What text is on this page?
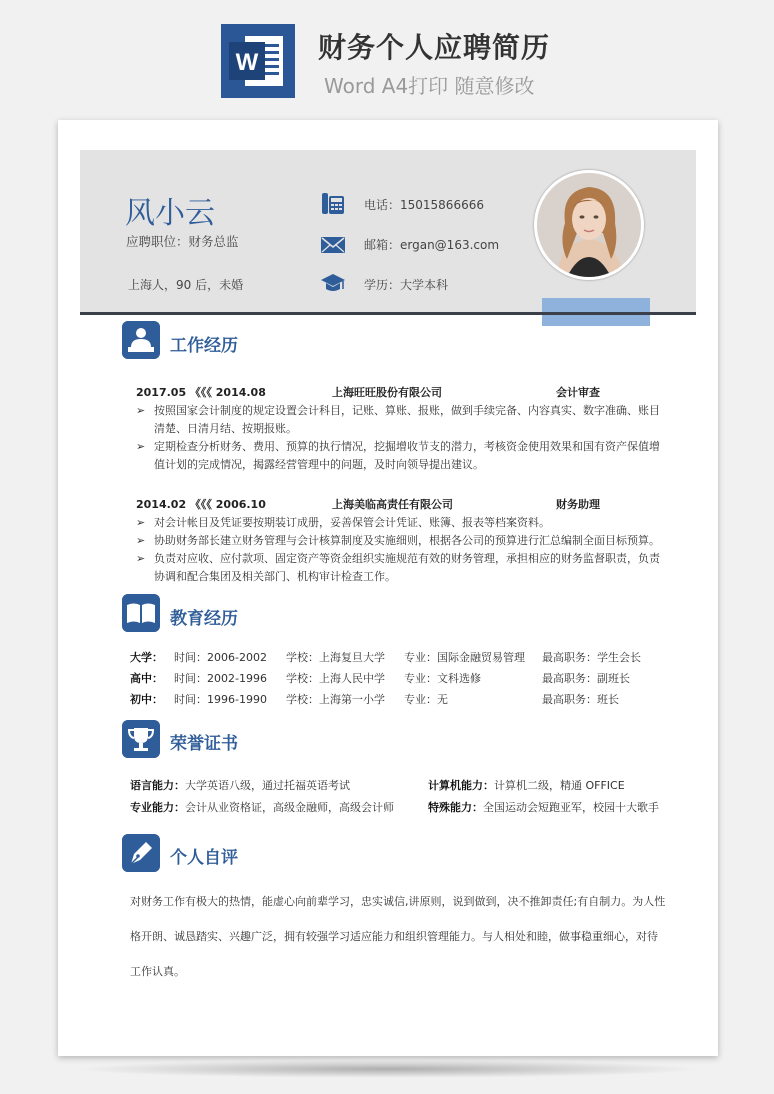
W 财务个人应聘简历
Word A4打印 随意修改
风小云
应聘职位：财务总监
上海人，90 后，未婚
电话：15015866666
邮箱：ergan@163.com
学历：大学本科
工作经历
2017.05 《《《 2014.08	上海旺旺股份有限公司	会计审查
➢ 按照国家会计制度的规定设置会计科目，记账、算账、报账，做到手续完备、内容真实、数字准确、账目清楚、日清月结、按期报账。
➢ 定期检查分析财务、费用、预算的执行情况，挖掘增收节支的潜力，考核资金使用效果和国有资产保值增值计划的完成情况，揭露经营管理中的问题，及时向领导提出建议。
2014.02 《《《 2006.10	上海美临高责任有限公司	财务助理
➢ 对会计帐目及凭证要按期装订成册，妥善保管会计凭证、账簿、报表等档案资料。
➢ 协助财务部长建立财务管理与会计核算制度及实施细则，根据各公司的预算进行汇总编制全面目标预算。
➢ 负责对应收、应付款项、固定资产等资金组织实施规范有效的财务管理，承担相应的财务监督职责，负责协调和配合集团及相关部门、机构审计检查工作。
教育经历
大学： 时间：2006-2002 学校：上海复旦大学 专业：国际金融贸易管理 最高职务：学生会长
高中： 时间：2002-1996 学校：上海人民中学 专业：文科选修	最高职务：副班长
初中： 时间：1996-1990 学校：上海第一小学 专业：无	最高职务：班长
荣誉证书
语言能力：大学英语八级，通过托福英语考试	计算机能力：计算机二级，精通 OFFICE
专业能力：会计从业资格证，高级金融师，高级会计师	特殊能力：全国运动会短跑亚军，校园十大歌手
个人自评
对财务工作有极大的热情，能虚心向前辈学习，忠实诚信,讲原则，说到做到，决不推卸责任;有自制力。为人性格开朗、诚恳踏实、兴趣广泛，拥有较强学习适应能力和组织管理能力。与人相处和睦，做事稳重细心，对待工作认真。
